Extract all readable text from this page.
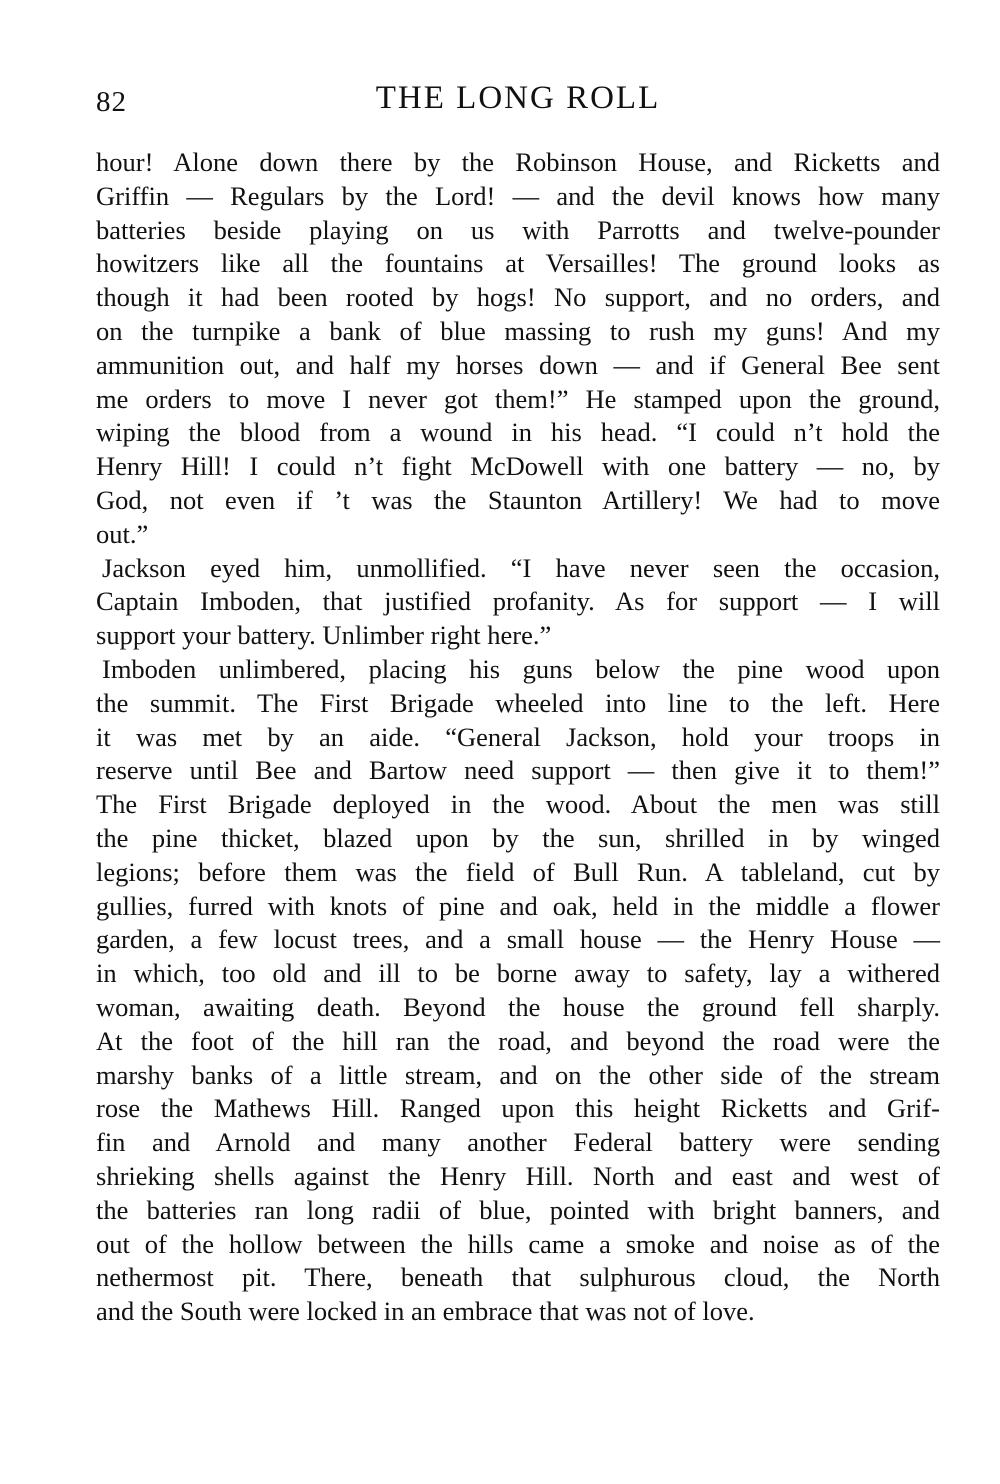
82	THE LONG ROLL
hour! Alone down there by the Robinson House, and Ricketts and
Griffin — Regulars by the Lord! — and the devil knows how many
batteries beside playing on us with Parrotts and twelve-pounder
howitzers like all the fountains at Versailles! The ground looks as
though it had been rooted by hogs! No support, and no orders, and
on the turnpike a bank of blue massing to rush my guns! And my
ammunition out, and half my horses down — and if General Bee sent
me orders to move I never got them!” He stamped upon the ground,
wiping the blood from a wound in his head. “I could n’t hold the
Henry Hill! I could n’t fight McDowell with one battery — no, by
God, not even if ’t was the Staunton Artillery! We had to move
out.”
Jackson eyed him, unmollified. “I have never seen the occasion,
Captain Imboden, that justified profanity. As for support — I will
support your battery. Unlimber right here.”
Imboden unlimbered, placing his guns below the pine wood upon
the summit. The First Brigade wheeled into line to the left. Here
it was met by an aide. “General Jackson, hold your troops in
reserve until Bee and Bartow need support — then give it to them!”
The First Brigade deployed in the wood. About the men was still
the pine thicket, blazed upon by the sun, shrilled in by winged
legions; before them was the field of Bull Run. A tableland, cut by
gullies, furred with knots of pine and oak, held in the middle a flower
garden, a few locust trees, and a small house — the Henry House —
in which, too old and ill to be borne away to safety, lay a withered
woman, awaiting death. Beyond the house the ground fell sharply.
At the foot of the hill ran the road, and beyond the road were the
marshy banks of a little stream, and on the other side of the stream
rose the Mathews Hill. Ranged upon this height Ricketts and Grif-
fin and Arnold and many another Federal battery were sending
shrieking shells against the Henry Hill. North and east and west of
the batteries ran long radii of blue, pointed with bright banners, and
out of the hollow between the hills came a smoke and noise as of the
nethermost pit. There, beneath that sulphurous cloud, the North
and the South were locked in an embrace that was not of love.
